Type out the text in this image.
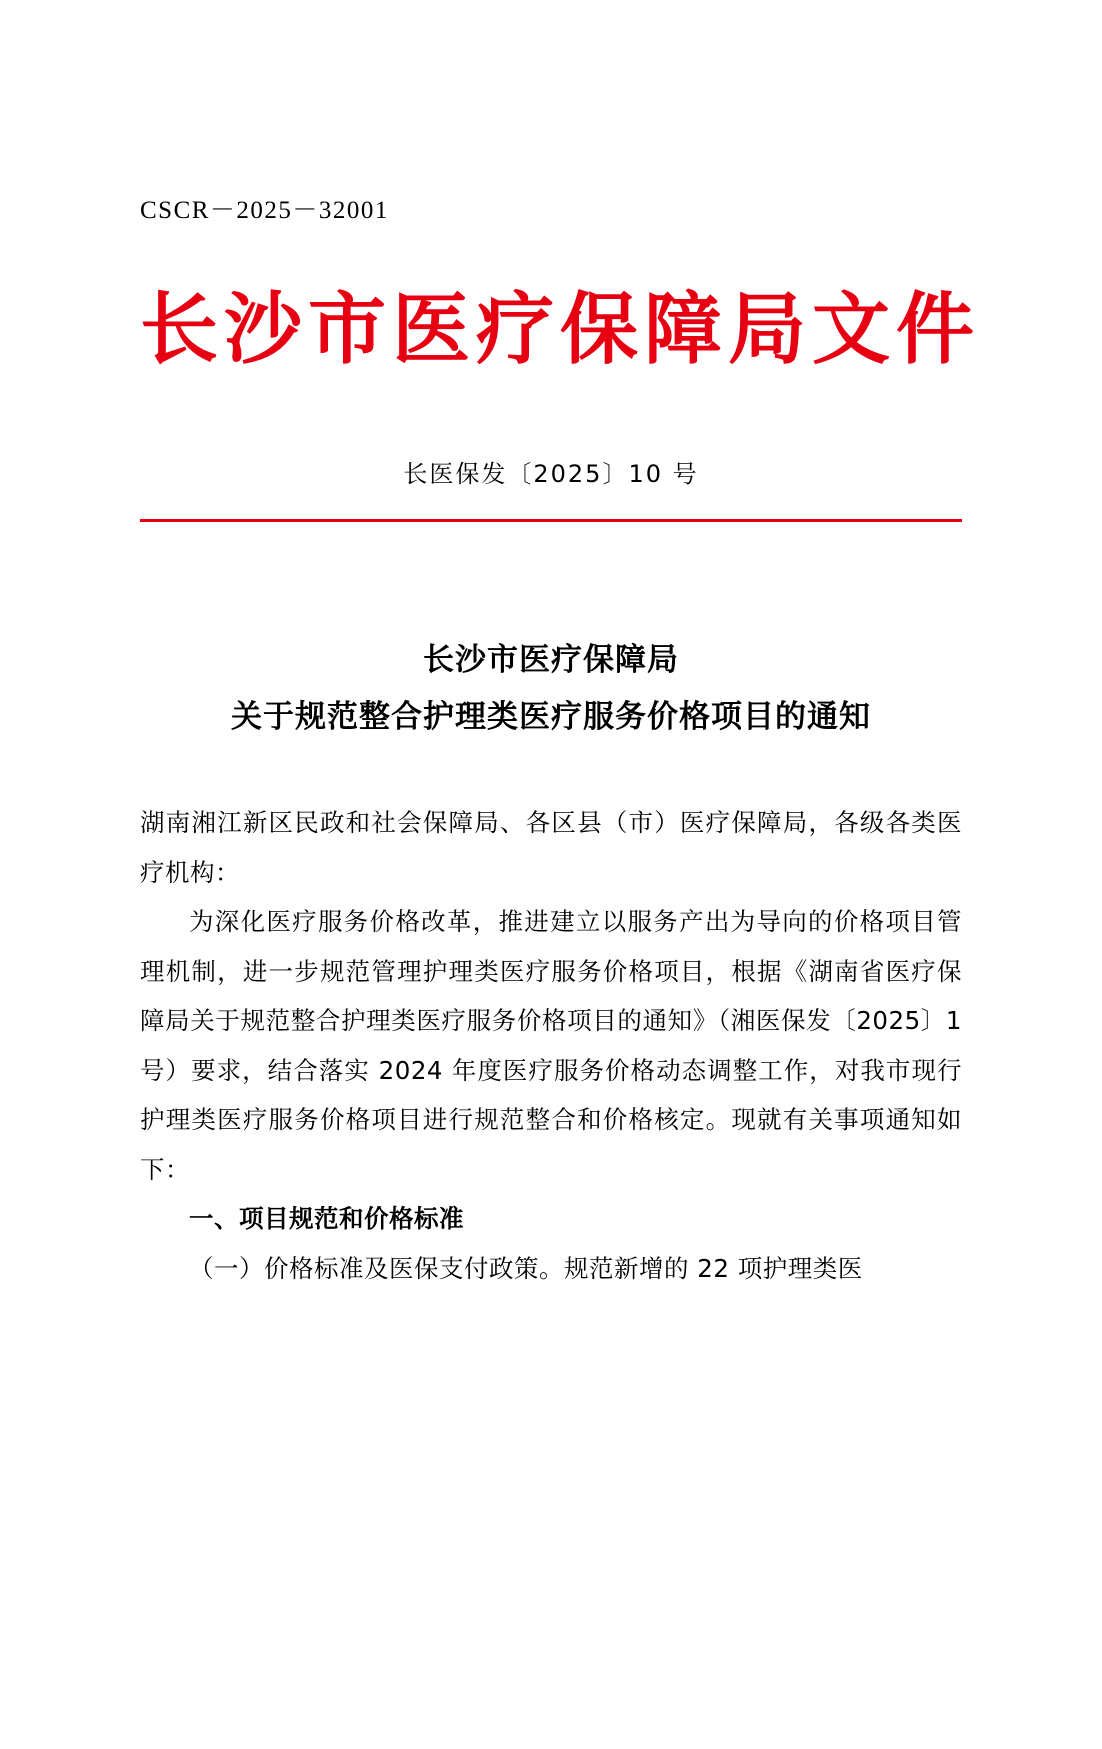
CSCR－2025－32001
长沙市医疗保障局文件
长医保发〔2025〕10 号
长沙市医疗保障局
关于规范整合护理类医疗服务价格项目的通知

湖南湘江新区民政和社会保障局、各区县（市）医疗保障局，各级各类医疗机构：

为深化医疗服务价格改革，推进建立以服务产出为导向的价格项目管理机制，进一步规范管理护理类医疗服务价格项目，根据《湖南省医疗保障局关于规范整合护理类医疗服务价格项目的通知》（湘医保发〔2025〕1 号）要求，结合落实 2024 年度医疗服务价格动态调整工作，对我市现行护理类医疗服务价格项目进行规范整合和价格核定。现就有关事项通知如下：

一、项目规范和价格标准

（一）价格标准及医保支付政策。规范新增的 22 项护理类医
